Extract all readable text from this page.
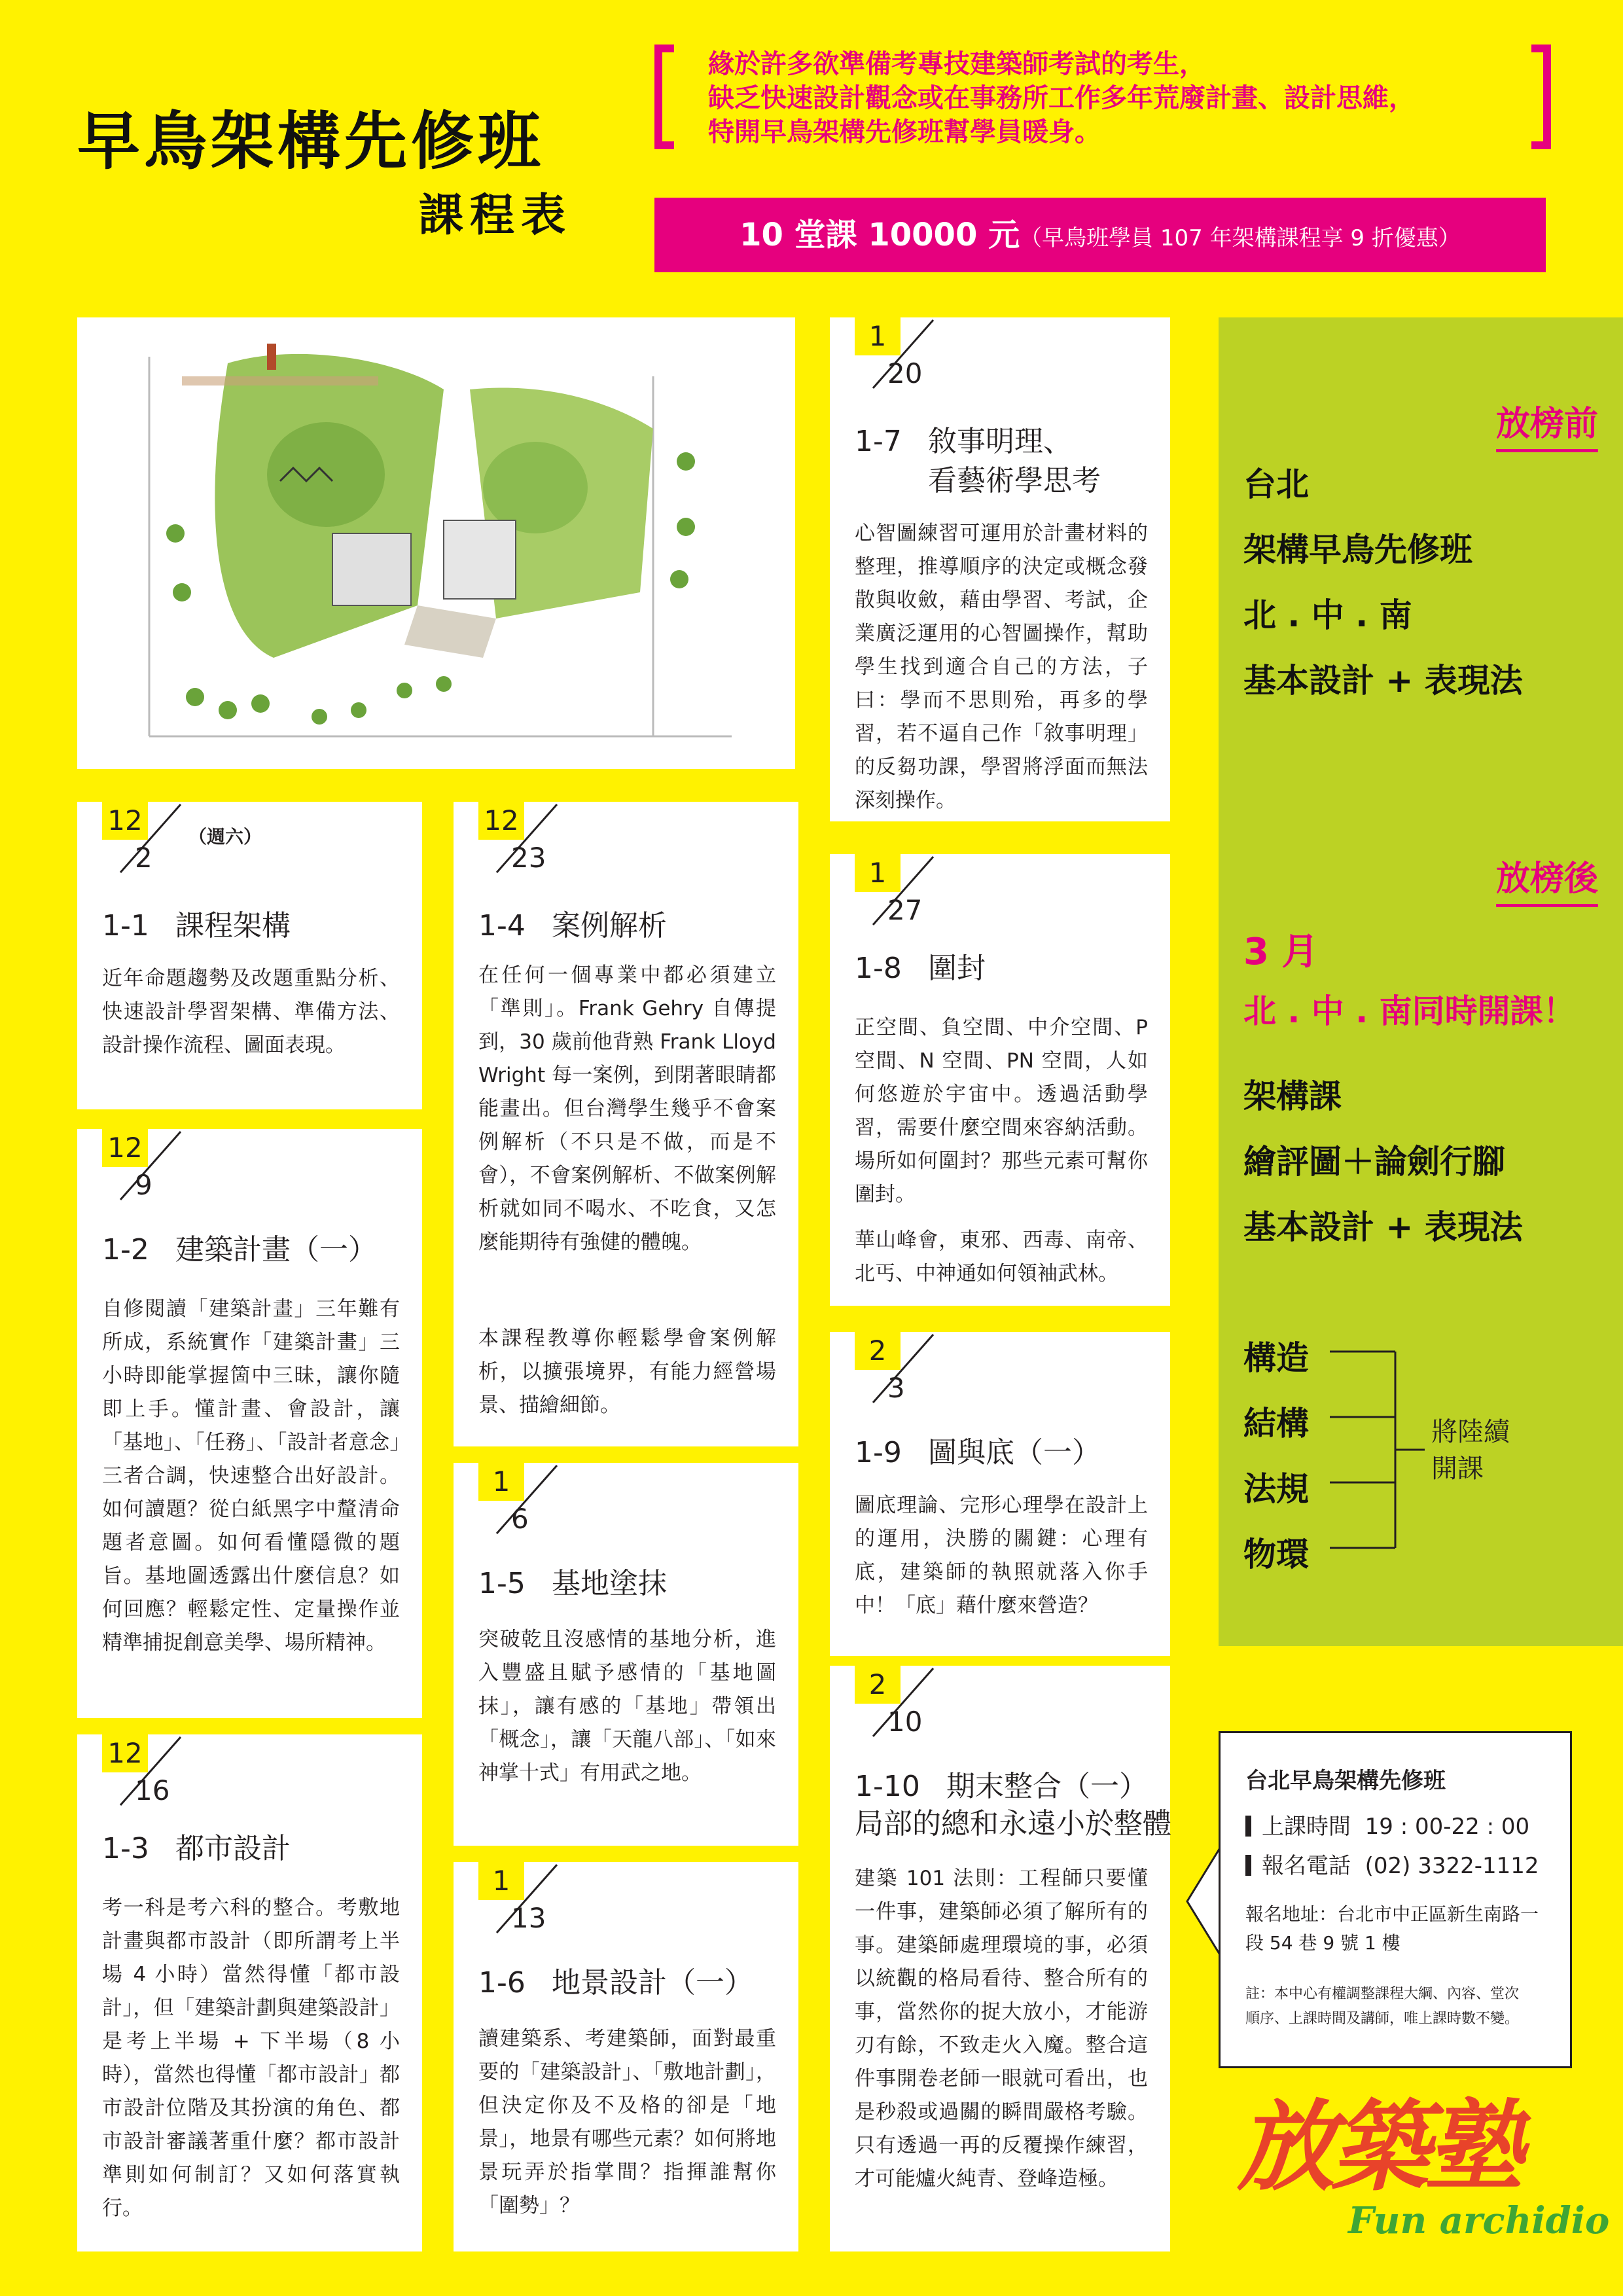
早鳥架構先修班
課程表
緣於許多欲準備考專技建築師考試的考生，
缺乏快速設計觀念或在事務所工作多年荒廢計畫、設計思維，
特開早鳥架構先修班幫學員暖身。
10 堂課 10000 元（早鳥班學員 107 年架構課程享 9 折優惠）
12
2
（週六）
1-1 課程架構
近年命題趨勢及改題重點分析、快速設計學習架構、準備方法、設計操作流程、圖面表現。
12
9
1-2 建築計畫（一）
自修閱讀「建築計畫」三年難有所成，系統實作「建築計畫」三小時即能掌握箇中三昧，讓你隨即上手。懂計畫、會設計，讓「基地」、「任務」、「設計者意念」三者合調，快速整合出好設計。如何讀題？從白紙黑字中釐清命題者意圖。如何看懂隱微的題旨。基地圖透露出什麼信息？如何回應？輕鬆定性、定量操作並精準捕捉創意美學、場所精神。
12
16
1-3 都市設計
考一科是考六科的整合。考敷地計畫與都市設計（即所謂考上半場 4 小時）當然得懂「都市設計」，但「建築計劃與建築設計」是考上半場 + 下半場（8 小時），當然也得懂「都市設計」都市設計位階及其扮演的角色、都市設計審議著重什麼？都市設計準則如何制訂？又如何落實執行。
12
23
1-4 案例解析
在任何一個專業中都必須建立「準則」。Frank Gehry 自傳提到，30 歲前他背熟 Frank Lloyd Wright 每一案例，到閉著眼睛都能畫出。但台灣學生幾乎不會案例解析（不只是不做，而是不會），不會案例解析、不做案例解析就如同不喝水、不吃食，又怎麼能期待有強健的體魄。
本課程教導你輕鬆學會案例解析，以擴張境界，有能力經營場景、描繪細節。
1
6
1-5 基地塗抹
突破乾且沒感情的基地分析，進入豐盛且賦予感情的「基地圖抹」，讓有感的「基地」帶領出「概念」，讓「天龍八部」、「如來神掌十式」有用武之地。
1
13
1-6 地景設計（一）
讀建築系、考建築師，面對最重要的「建築設計」、「敷地計劃」，但決定你及不及格的卻是「地景」，地景有哪些元素？如何將地景玩弄於指掌間？指揮誰幫你「圍勢」？
1
20
1-7 敘事明理、
看藝術學思考
心智圖練習可運用於計畫材料的整理，推導順序的決定或概念發散與收斂，藉由學習、考試，企業廣泛運用的心智圖操作，幫助學生找到適合自己的方法，子曰：學而不思則殆，再多的學習，若不逼自己作「敘事明理」的反芻功課，學習將浮面而無法深刻操作。
1
27
1-8 圍封
正空間、負空間、中介空間、P 空間、N 空間、PN 空間，人如何悠遊於宇宙中。透過活動學習，需要什麼空間來容納活動。場所如何圍封？那些元素可幫你圍封。
華山峰會，東邪、西毒、南帝、北丐、中神通如何領袖武林。
2
3
1-9 圖與底（一）
圖底理論、完形心理學在設計上的運用，決勝的關鍵：心理有底，建築師的執照就落入你手中！「底」藉什麼來營造？
2
10
1-10 期末整合（一）
局部的總和永遠小於整體
建築 101 法則：工程師只要懂一件事，建築師必須了解所有的事。建築師處理環境的事，必須以統觀的格局看待、整合所有的事，當然你的捉大放小，才能游刃有餘，不致走火入魔。整合這件事開卷老師一眼就可看出，也是秒殺或過關的瞬間嚴格考驗。只有透過一再的反覆操作練習，才可能爐火純青、登峰造極。
放榜前
台北
架構早鳥先修班
北 . 中 . 南
基本設計 + 表現法
放榜後
3 月
北 . 中 . 南同時開課！
架構課
繪評圖＋論劍行腳
基本設計 + 表現法
構造
結構
法規
物環
將陸續
開課
台北早鳥架構先修班
上課時間 19 : 00-22 : 00
報名電話 (02) 3322-1112
報名地址：台北市中正區新生南路一
段 54 巷 9 號 1 樓
註：本中心有權調整課程大綱、內容、堂次
順序、上課時間及講師，唯上課時數不變。
放築塾
Fun archidio
